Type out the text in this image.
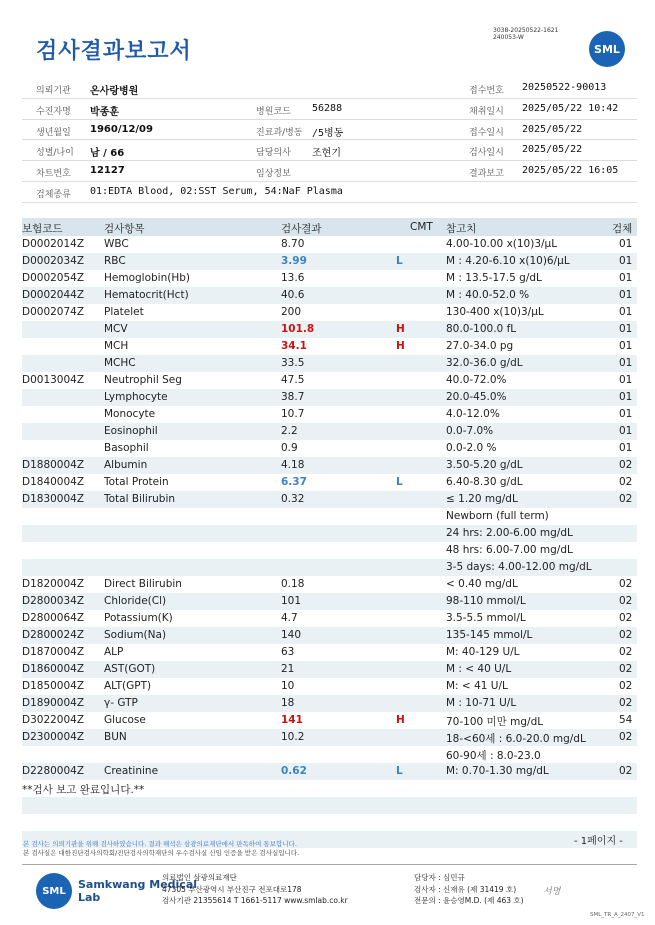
검사결과보고서
3038-20250522-1621
240053-W
SML
의뢰기관 온사랑병원	접수번호 20250522-90013
수진자명 박종훈	병원코드 56288	채취일시 2025/05/22 10:42
생년월일 1960/12/09	진료과/병동 /5병동	접수일시 2025/05/22
성별/나이 남 / 66	담당의사 조현기	검사일시 2025/05/22
차트번호 12127	임상정보	결과보고 2025/05/22 16:05
검체종류 01:EDTA Blood, 02:SST Serum, 54:NaF Plasma
보험코드	검사항목	검사결과	CMT 참고치	검체
D0002014Z WBC	8.70	4.00-10.00 x(10)3/μL	01
D0002034Z RBC	3.99	L	M : 4.20-6.10 x(10)6/μL	01
D0002054Z Hemoglobin(Hb)	13.6	M : 13.5-17.5 g/dL	01
D0002044Z Hematocrit(Hct)	40.6	M : 40.0-52.0 %	01
D0002074Z Platelet	200	130-400 x(10)3/μL	01
MCV	101.8	H	80.0-100.0 fL	01
MCH	34.1	H	27.0-34.0 pg	01
MCHC	33.5	32.0-36.0 g/dL	01
D0013004Z Neutrophil Seg	47.5	40.0-72.0%	01
Lymphocyte	38.7	20.0-45.0%	01
Monocyte	10.7	4.0-12.0%	01
Eosinophil	2.2	0.0-7.0%	01
Basophil	0.9	0.0-2.0 %	01
D1880004Z Albumin	4.18	3.50-5.20 g/dL	02
D1840004Z Total Protein	6.37	L	6.40-8.30 g/dL	02
D1830004Z Total Bilirubin	0.32	≤ 1.20 mg/dL	02
Newborn (full term)
24 hrs: 2.00-6.00 mg/dL
48 hrs: 6.00-7.00 mg/dL
3-5 days: 4.00-12.00 mg/dL
D1820004Z Direct Bilirubin	0.18	< 0.40 mg/dL	02
D2800034Z Chloride(Cl)	101	98-110 mmol/L	02
D2800064Z Potassium(K)	4.7	3.5-5.5 mmol/L	02
D2800024Z Sodium(Na)	140	135-145 mmol/L	02
D1870004Z ALP	63	M: 40-129 U/L	02
D1860004Z AST(GOT)	21	M : < 40 U/L	02
D1850004Z ALT(GPT)	10	M: < 41 U/L	02
D1890004Z γ- GTP	18	M : 10-71 U/L	02
D3022004Z Glucose	141	H	70-100 미만 mg/dL	54
D2300004Z BUN	10.2	18-<60세 : 6.0-20.0 mg/dL	02
60-90세 : 8.0-23.0
D2280004Z Creatinine	0.62	L	M: 0.70-1.30 mg/dL	02
**검사 보고 완료입니다.**
- 1페이지 -
본 검사는 의뢰기관을 위해 검사하였습니다. 결과 해석은 삼광의료재단에서 판독하여 통보합니다.
본 검사실은 대한진단검사의학회/진단검사의학재단의 우수검사실 신임 인증을 받은 검사실입니다.
SML	Samkwang Medical Lab
의료법인 삼광의료재단
47305 부산광역시 부산진구 전포대로178
검사기관 21355614 T 1661-5117 www.smlab.co.kr
담당자 : 심민규
검사자 : 신재유 (제 31419 호)
전문의 : 윤승영M.D. (제 463 호)
서명
SML_TR_A_2407_V1
